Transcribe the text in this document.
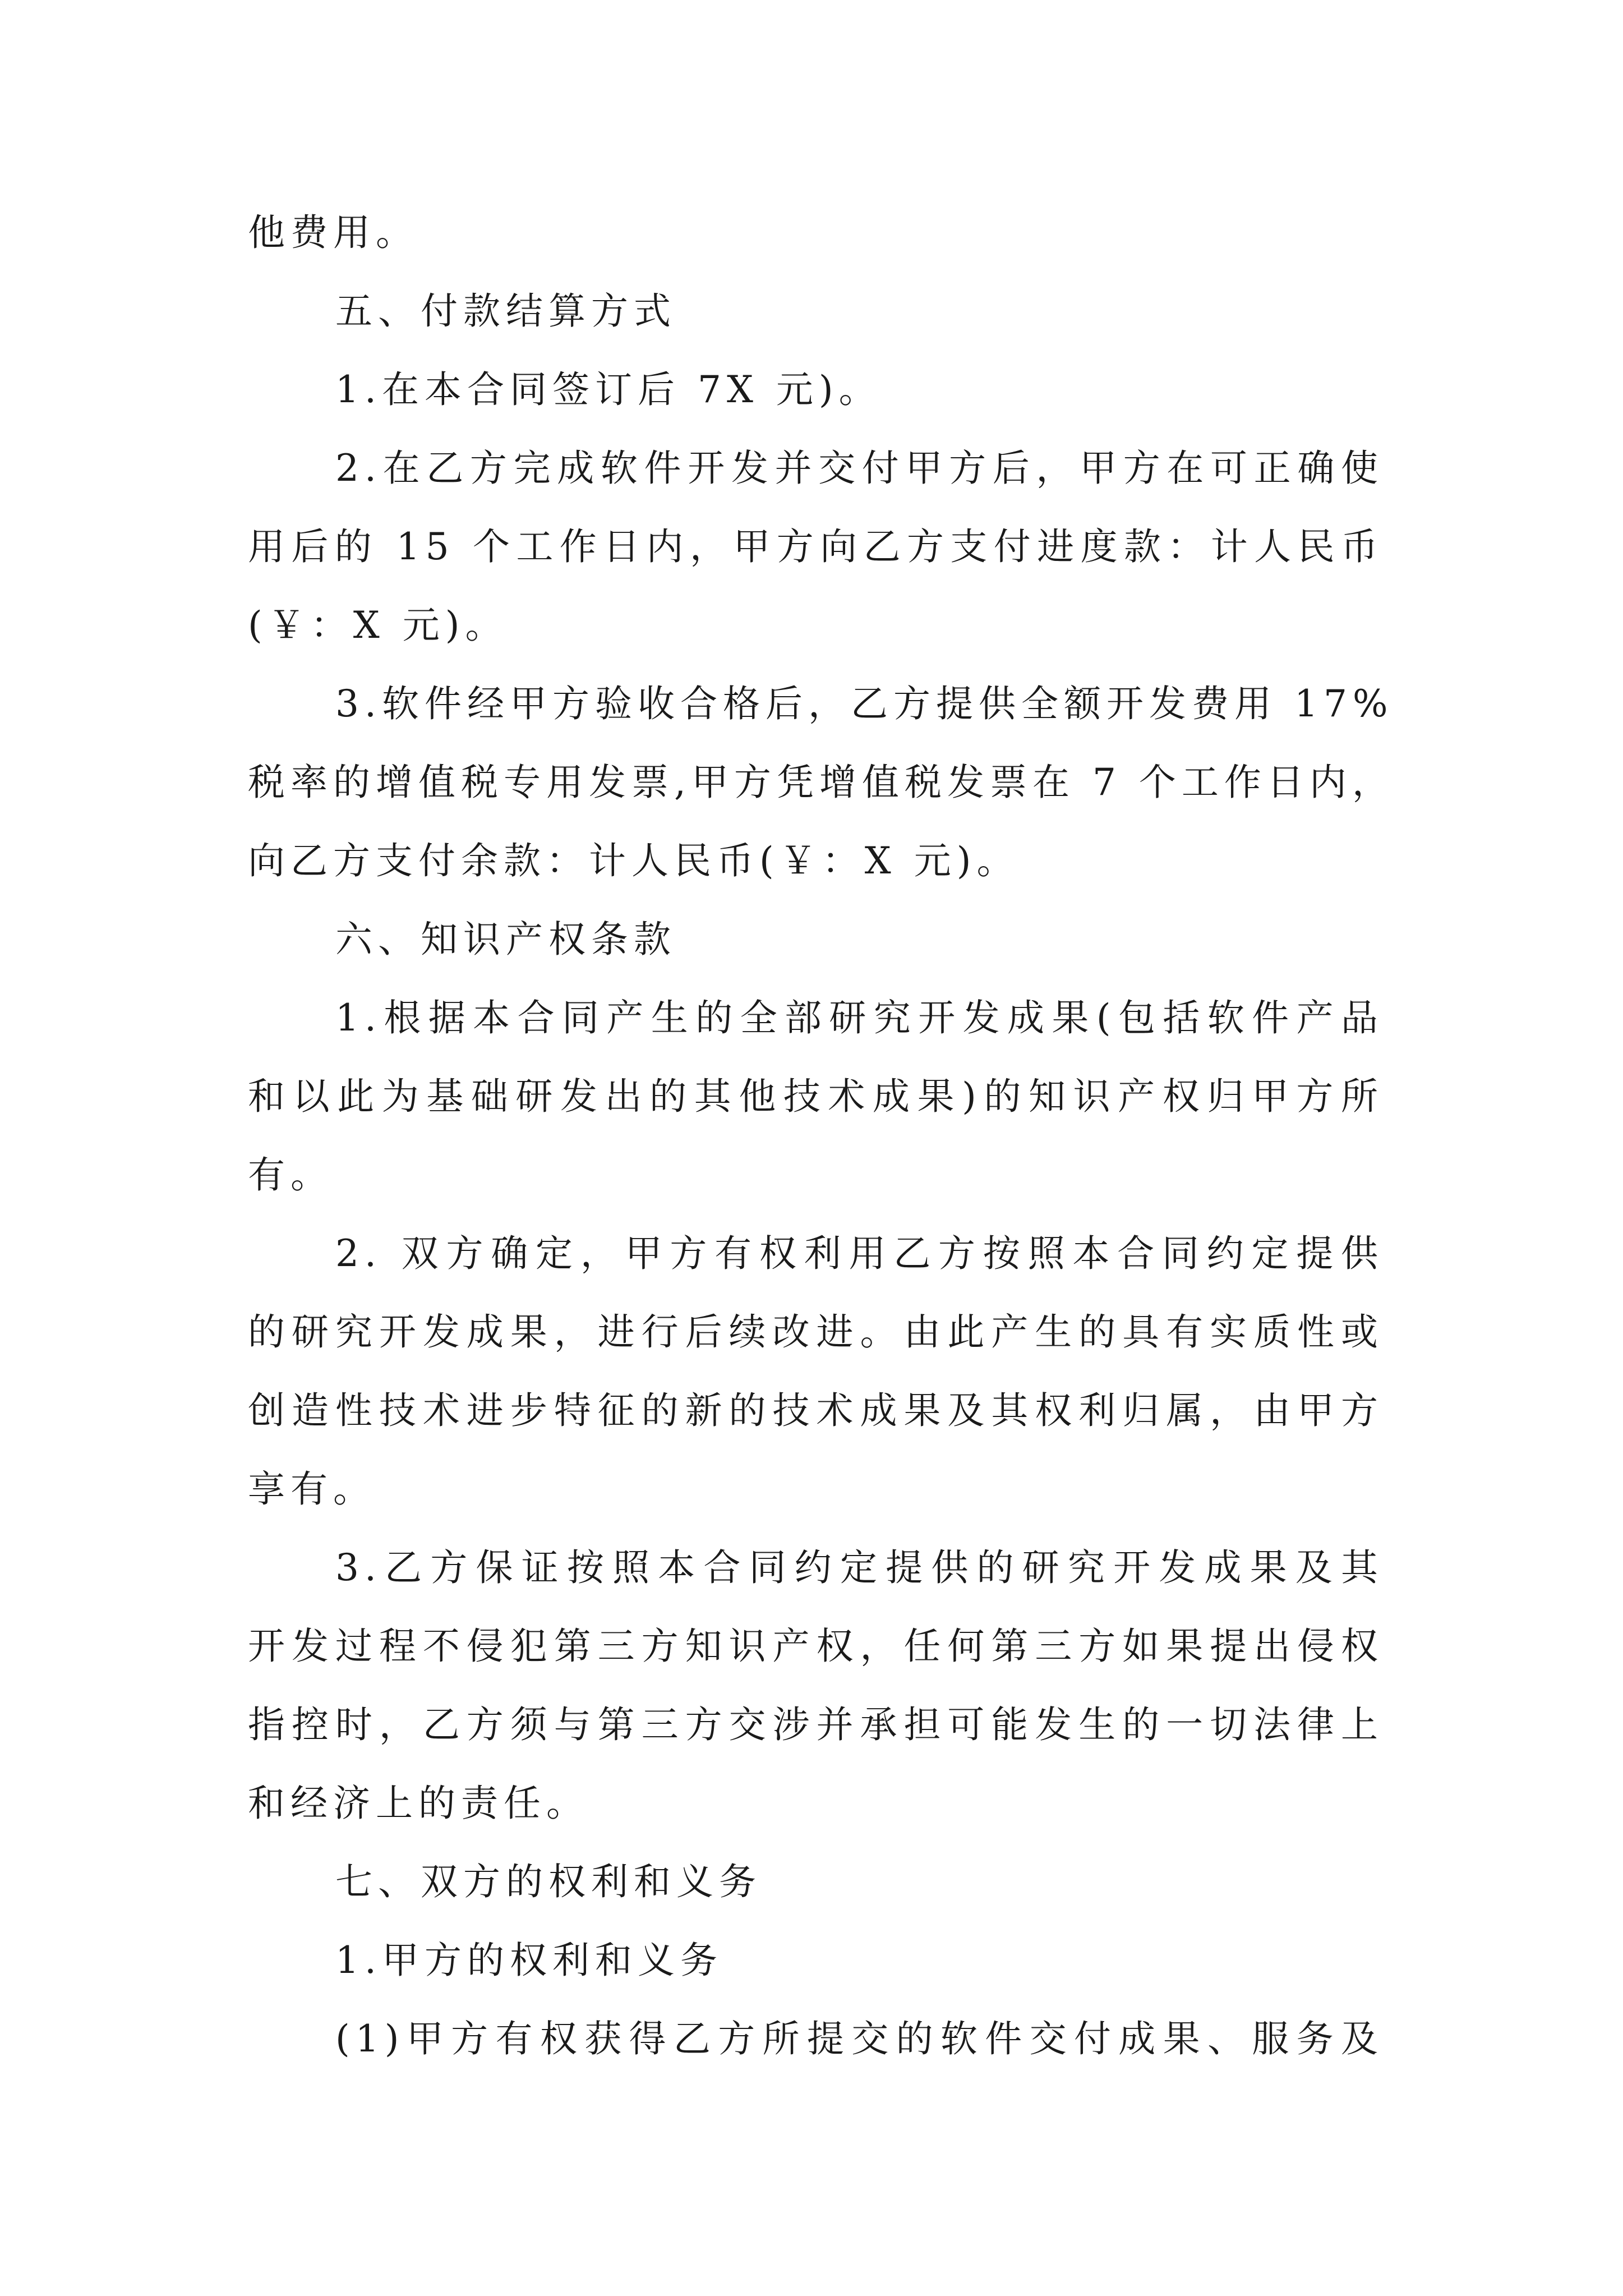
他费用。
五、付款结算方式
1.在本合同签订后 7X 元)。
2.在乙方完成软件开发并交付甲方后，甲方在可正确使
用后的 15 个工作日内，甲方向乙方支付进度款：计人民币
(￥：X 元)。
3.软件经甲方验收合格后，乙方提供全额开发费用 17%
税率的增值税专用发票,甲方凭增值税发票在 7 个工作日内，
向乙方支付余款：计人民币(￥：X 元)。
六、知识产权条款
1.根据本合同产生的全部研究开发成果(包括软件产品
和以此为基础研发出的其他技术成果)的知识产权归甲方所
有。
2. 双方确定，甲方有权利用乙方按照本合同约定提供
的研究开发成果，进行后续改进。由此产生的具有实质性或
创造性技术进步特征的新的技术成果及其权利归属，由甲方
享有。
3.乙方保证按照本合同约定提供的研究开发成果及其
开发过程不侵犯第三方知识产权，任何第三方如果提出侵权
指控时，乙方须与第三方交涉并承担可能发生的一切法律上
和经济上的责任。
七、双方的权利和义务
1.甲方的权利和义务
(1)甲方有权获得乙方所提交的软件交付成果、服务及
